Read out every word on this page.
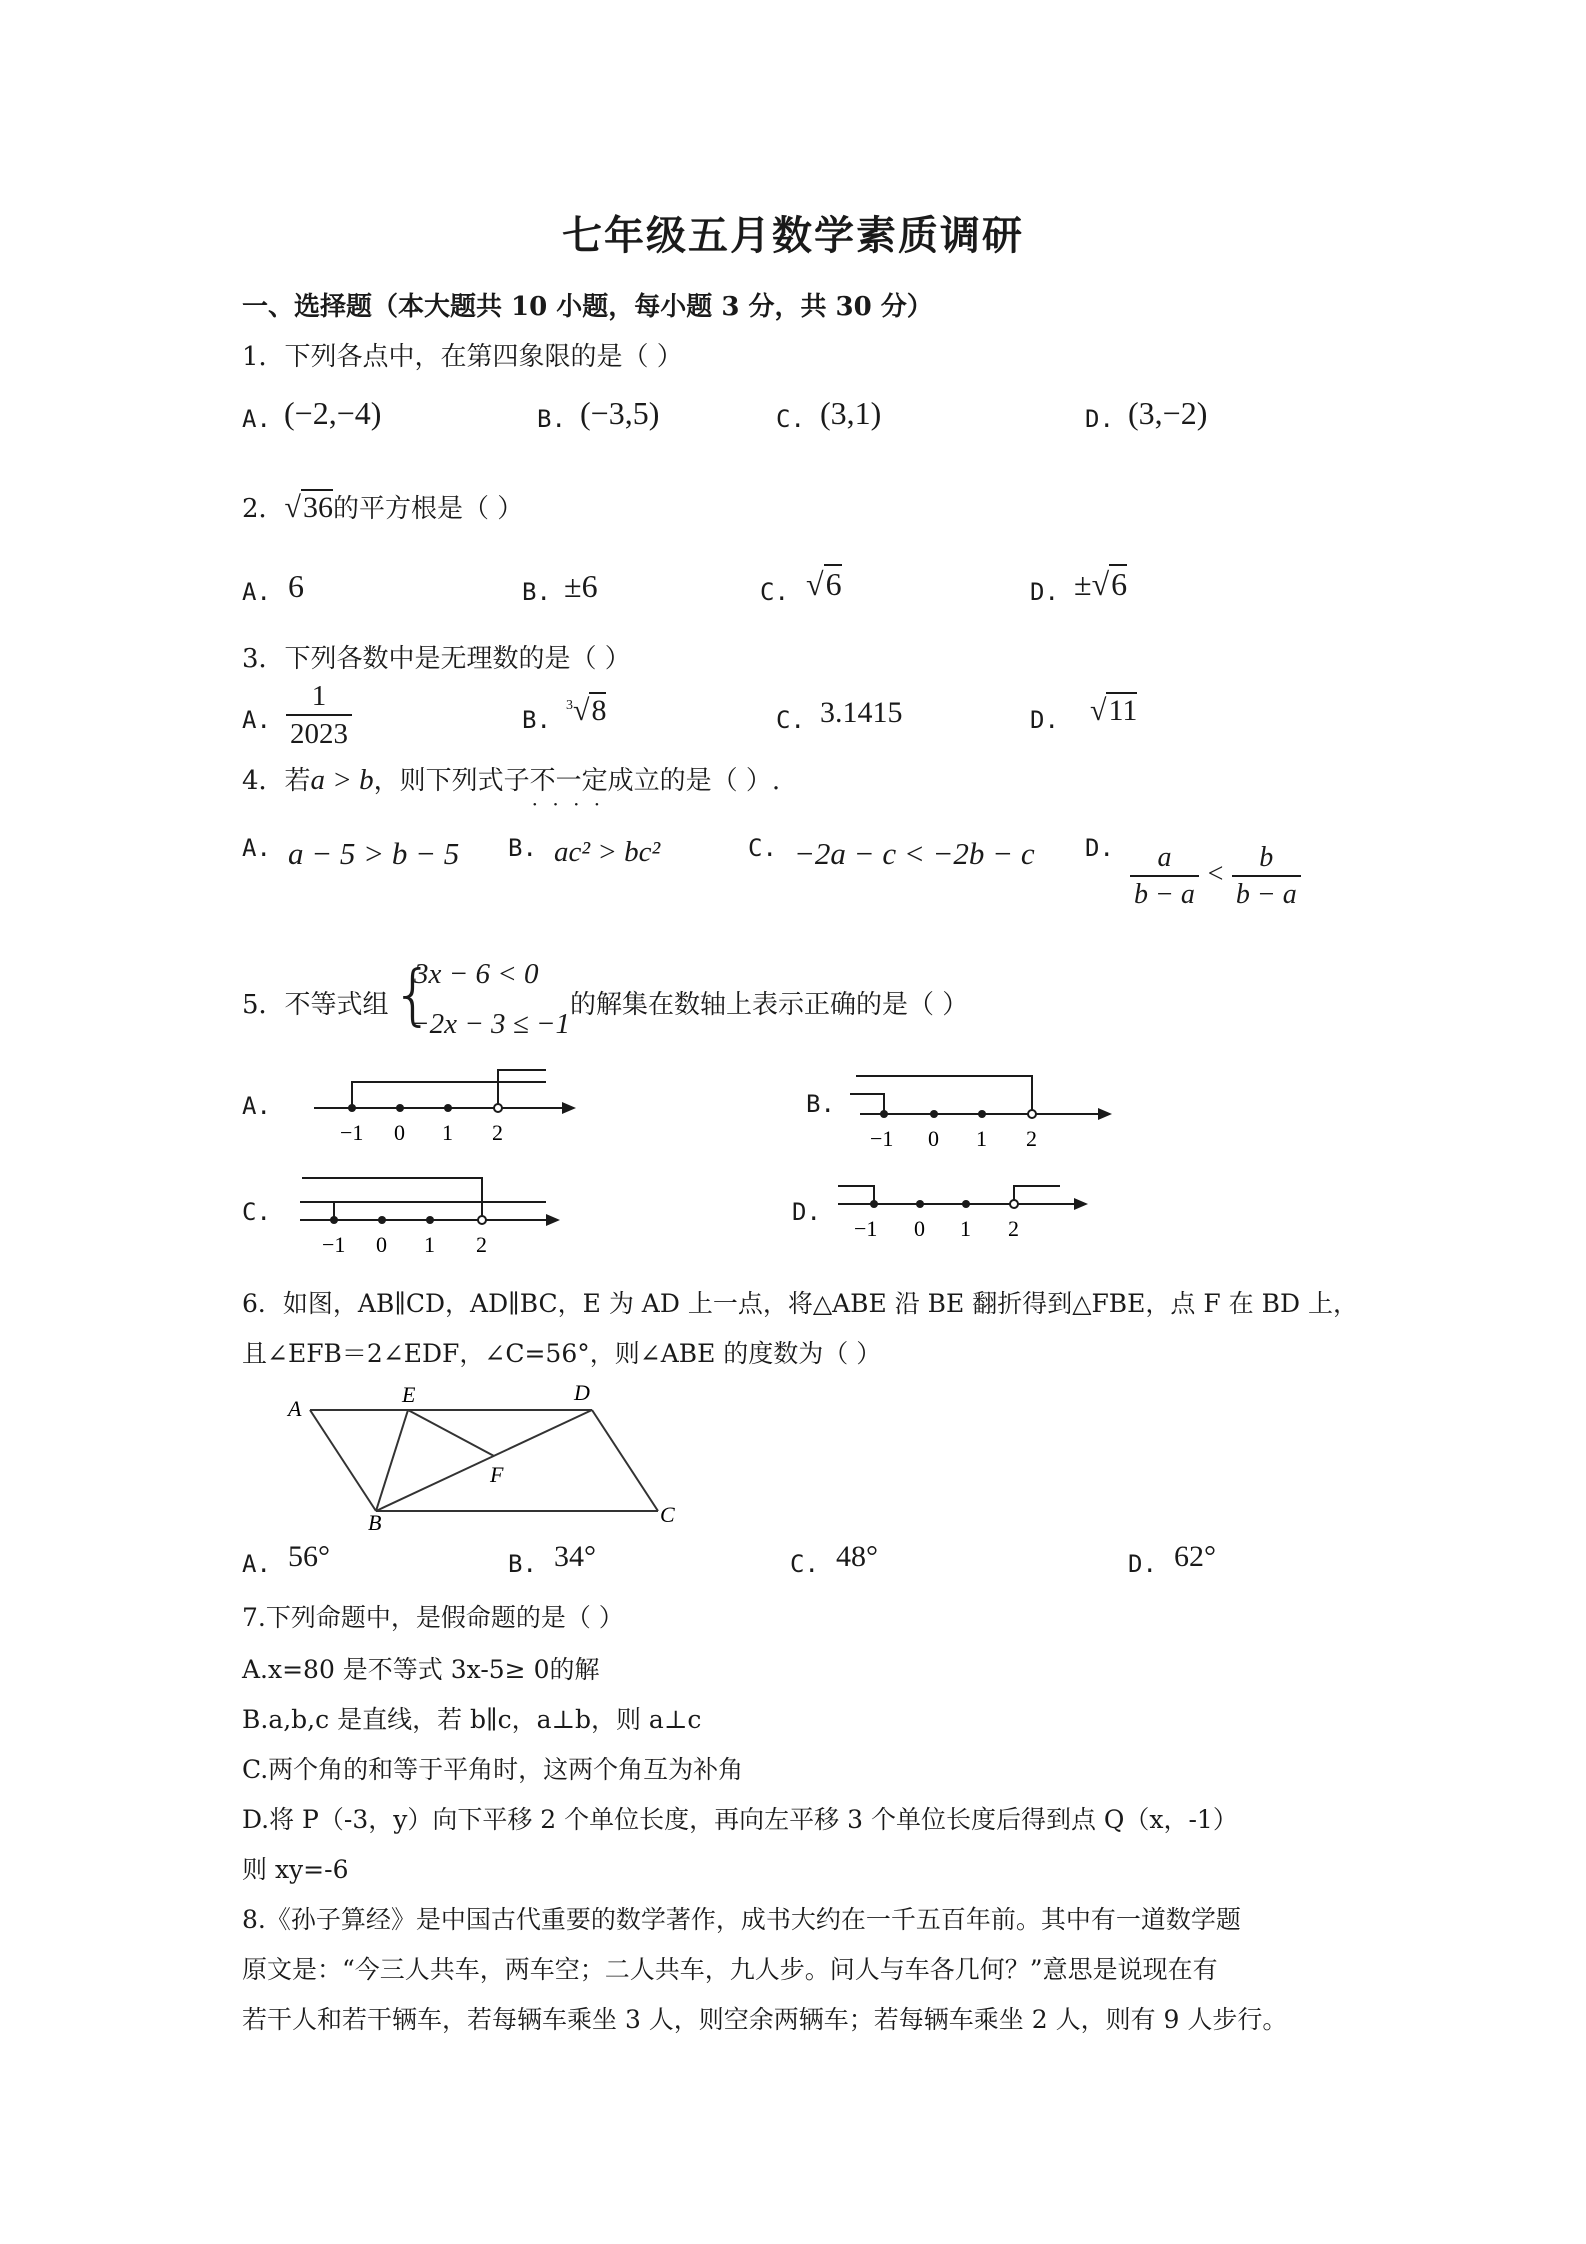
七年级五月数学素质调研
一、选择题（本大题共 10 小题，每小题 3 分，共 30 分）
1．下列各点中，在第四象限的是（ ）
A. (−2,−4)	B. (−3,5)	C. (3,1)	D. (3,−2)
2．√36的平方根是（ ）
A. 6	B. ±6	C. √6	D. ±√6
3．下列各数中是无理数的是（ ）
A. $\frac{1}{2023}$	B.
$^3$√8	C. 3.1415	D. √11
4．若a > b，则下列式子不一定 · · · ·成立的是（ ）.
A. a − 5 > b − 5 B. ac² > bc²	C. −2a − c < −2b − c D. $\frac{a}{b - a} < \frac{b}{b - a}$
5．不等式组 {
3x − 6 < 0
−2x − 3 ≤ −1
的解集在数轴上表示正确的是（ ）
A.	B.
C.	D.
−1 0 1 2	−1 0 1 2
−1 0 1 2
−1 0 1 2
6．如图，AB∥CD，AD∥BC，E 为 AD 上一点，将△ABE 沿 BE 翻折得到△FBE，点 F 在 BD 上，
且∠EFB＝2∠EDF，∠C=56°，则∠ABE 的度数为（ ）
A
E	D
F
B	C
A. 56°	B. 34°	C. 48°	D. 62°
7.下列命题中，是假命题的是（ ）
A.x=80 是不等式 3x-5≥ 0的解
B.a,b,c 是直线，若 b∥c，a⊥b，则 a⊥c
C.两个角的和等于平角时，这两个角互为补角
D.将 P（-3，y）向下平移 2 个单位长度，再向左平移 3 个单位长度后得到点 Q（x，-1）
则 xy=-6
8.《孙子算经》是中国古代重要的数学著作，成书大约在一千五百年前。其中有一道数学题
原文是：“今三人共车，两车空；二人共车，九人步。问人与车各几何？”意思是说现在有
若干人和若干辆车，若每辆车乘坐 3 人，则空余两辆车；若每辆车乘坐 2 人，则有 9 人步行。
